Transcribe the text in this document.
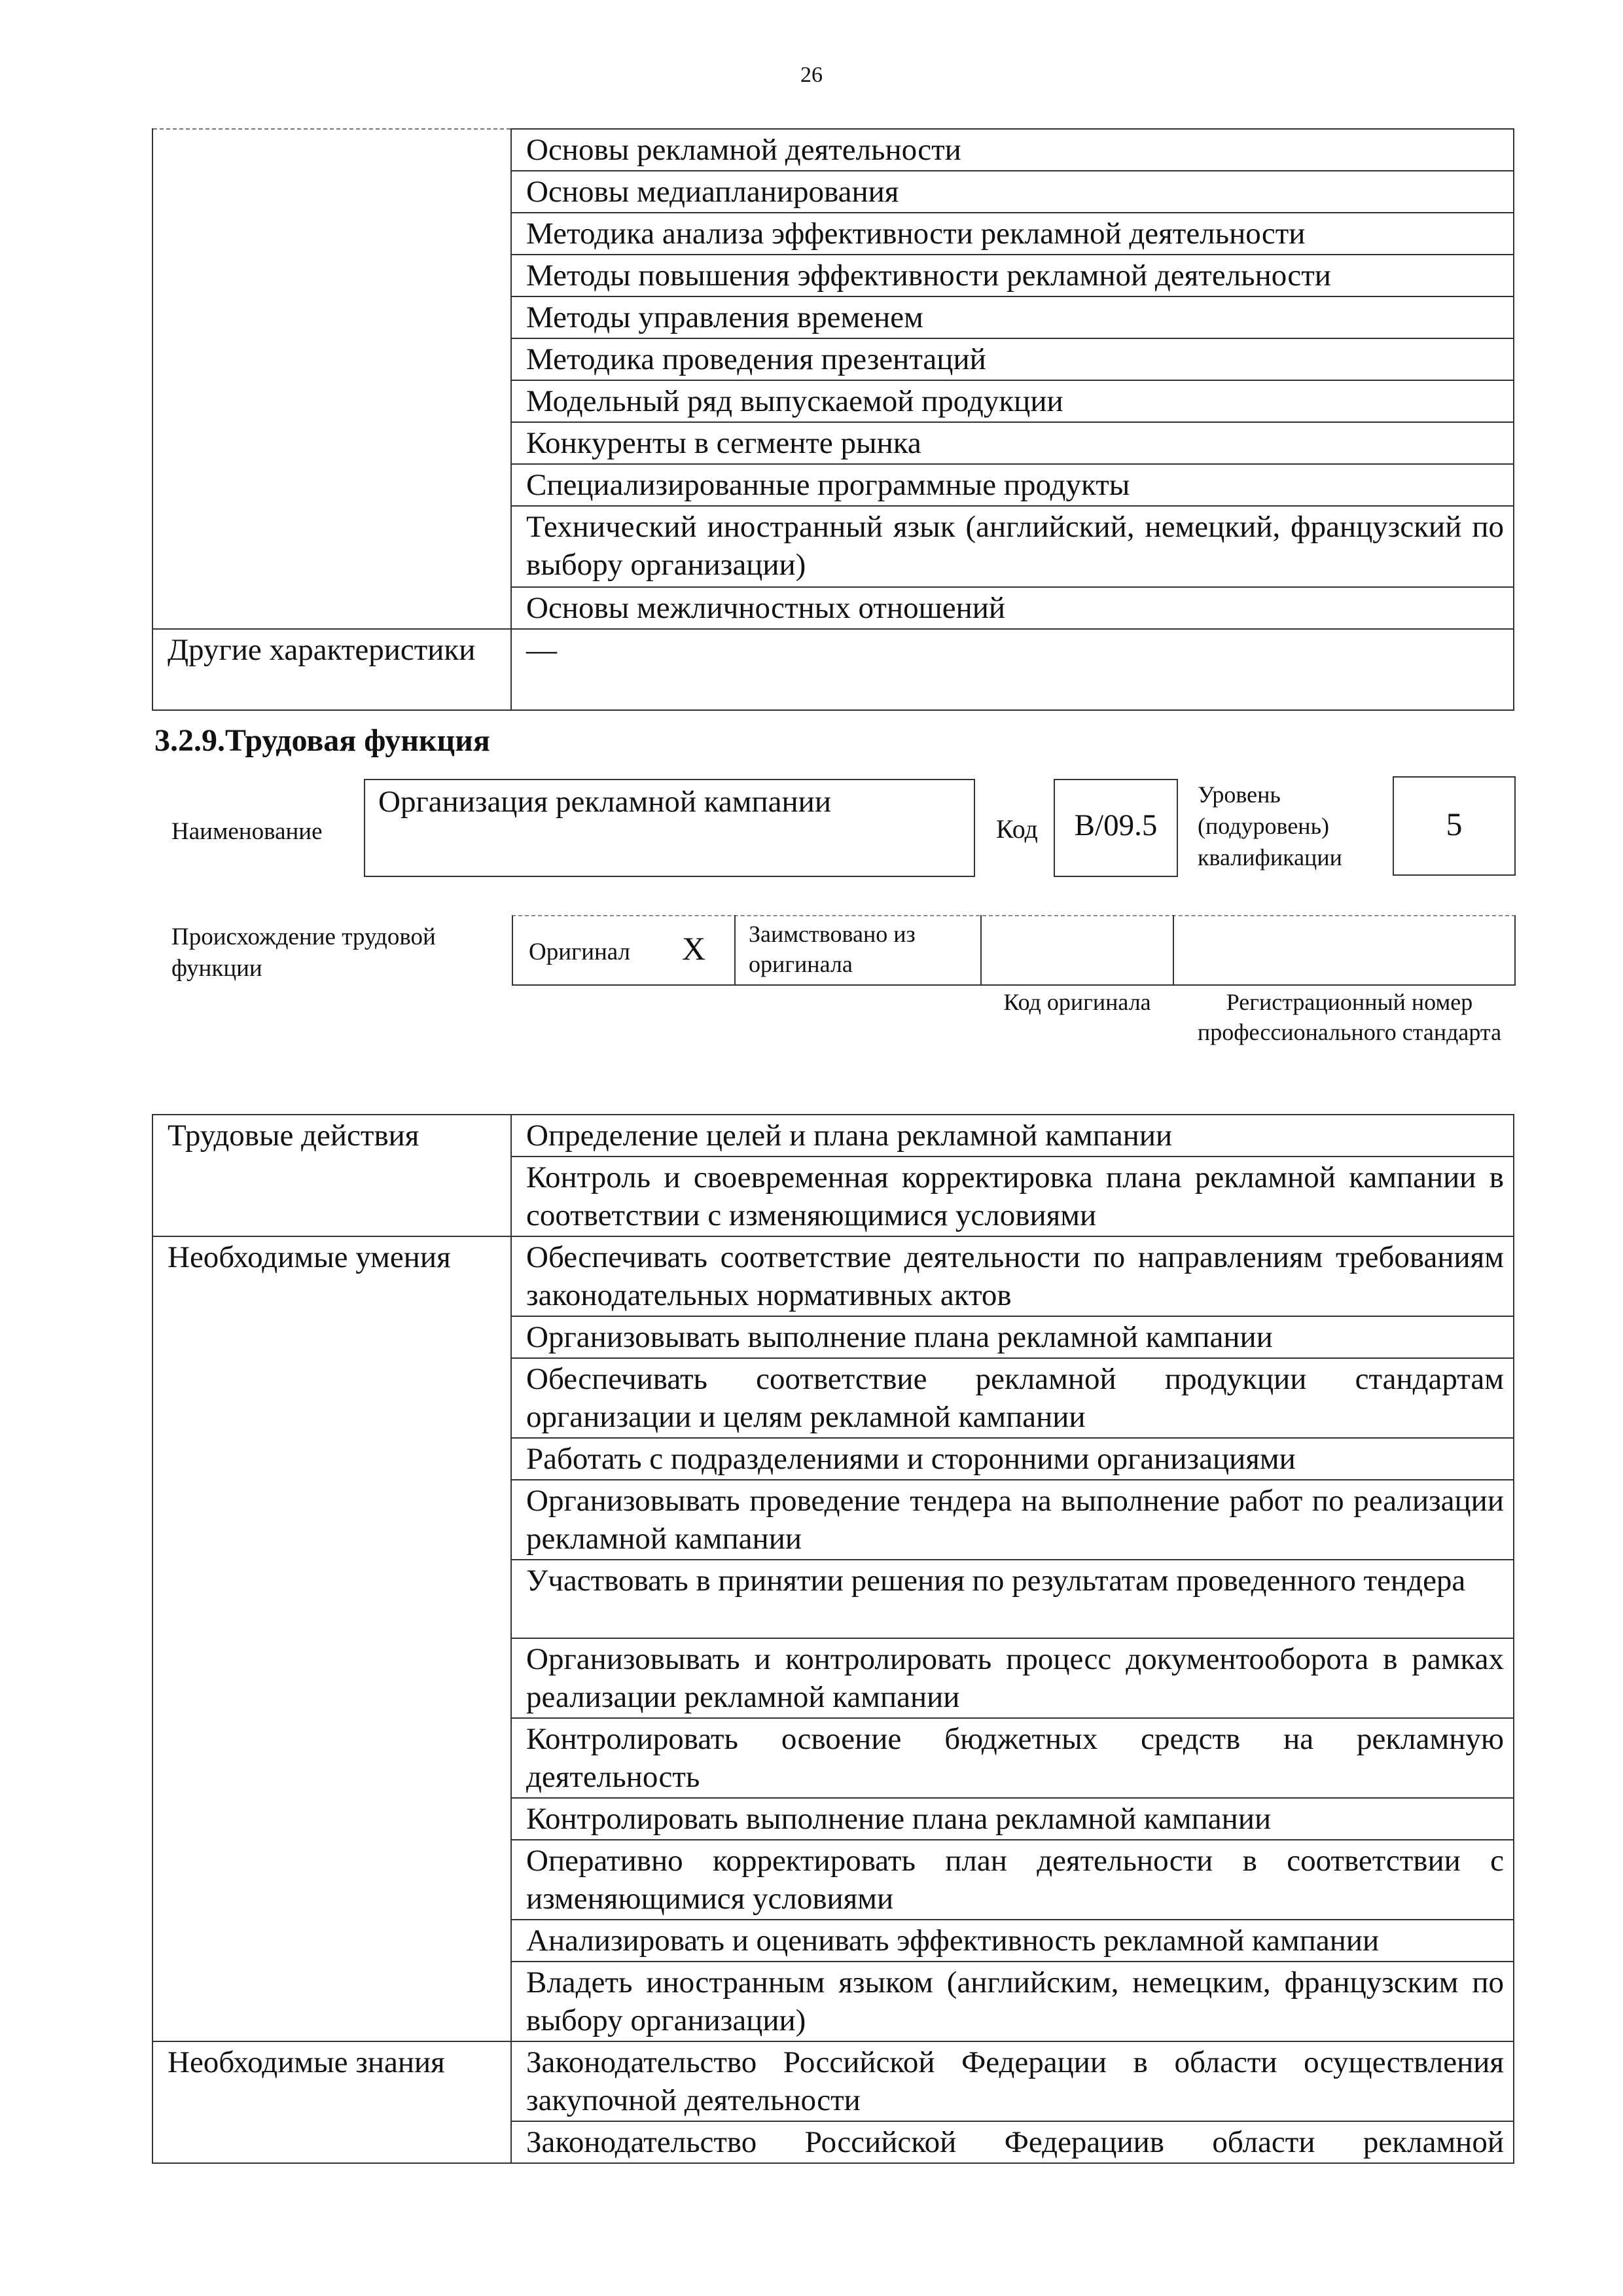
26
	Основы рекламной деятельности
	Основы медиапланирования
	Методика анализа эффективности рекламной деятельности
	Методы повышения эффективности рекламной деятельности
	Методы управления временем
	Методика проведения презентаций
	Модельный ряд выпускаемой продукции
	Конкуренты в сегменте рынка
	Специализированные программные продукты
	Технический иностранный язык (английский, немецкий, французский по выбору организации)
	Основы межличностных отношений
Другие характеристики	—
3.2.9.Трудовая функция
Наименование
Организация рекламной кампании
Код	B/09.5
Уровень (подуровень) квалификации
5
Происхождение трудовой функции
Оригинал X Заимствовано из оригинала
Код оригинала	Регистрационный номер профессионального стандарта
Трудовые действия	Определение целей и плана рекламной кампании
	Контроль и своевременная корректировка плана рекламной кампании в соответствии с изменяющимися условиями
Необходимые умения	Обеспечивать соответствие деятельности по направлениям требованиям законодательных нормативных актов
	Организовывать выполнение плана рекламной кампании
	Обеспечивать соответствие рекламной продукции стандартам организации и целям рекламной кампании
	Работать с подразделениями и сторонними организациями
	Организовывать проведение тендера на выполнение работ по реализации рекламной кампании
	Участвовать в принятии решения по результатам проведенного тендера
	Организовывать и контролировать процесс документооборота в рамках реализации рекламной кампании
	Контролировать освоение бюджетных средств на рекламную деятельность
	Контролировать выполнение плана рекламной кампании
	Оперативно корректировать план деятельности в соответствии с изменяющимися условиями
	Анализировать и оценивать эффективность рекламной кампании
	Владеть иностранным языком (английским, немецким, французским по выбору организации)
Необходимые знания	Законодательство Российской Федерации в области осуществления закупочной деятельности
	Законодательство Российской Федерациив области рекламной
